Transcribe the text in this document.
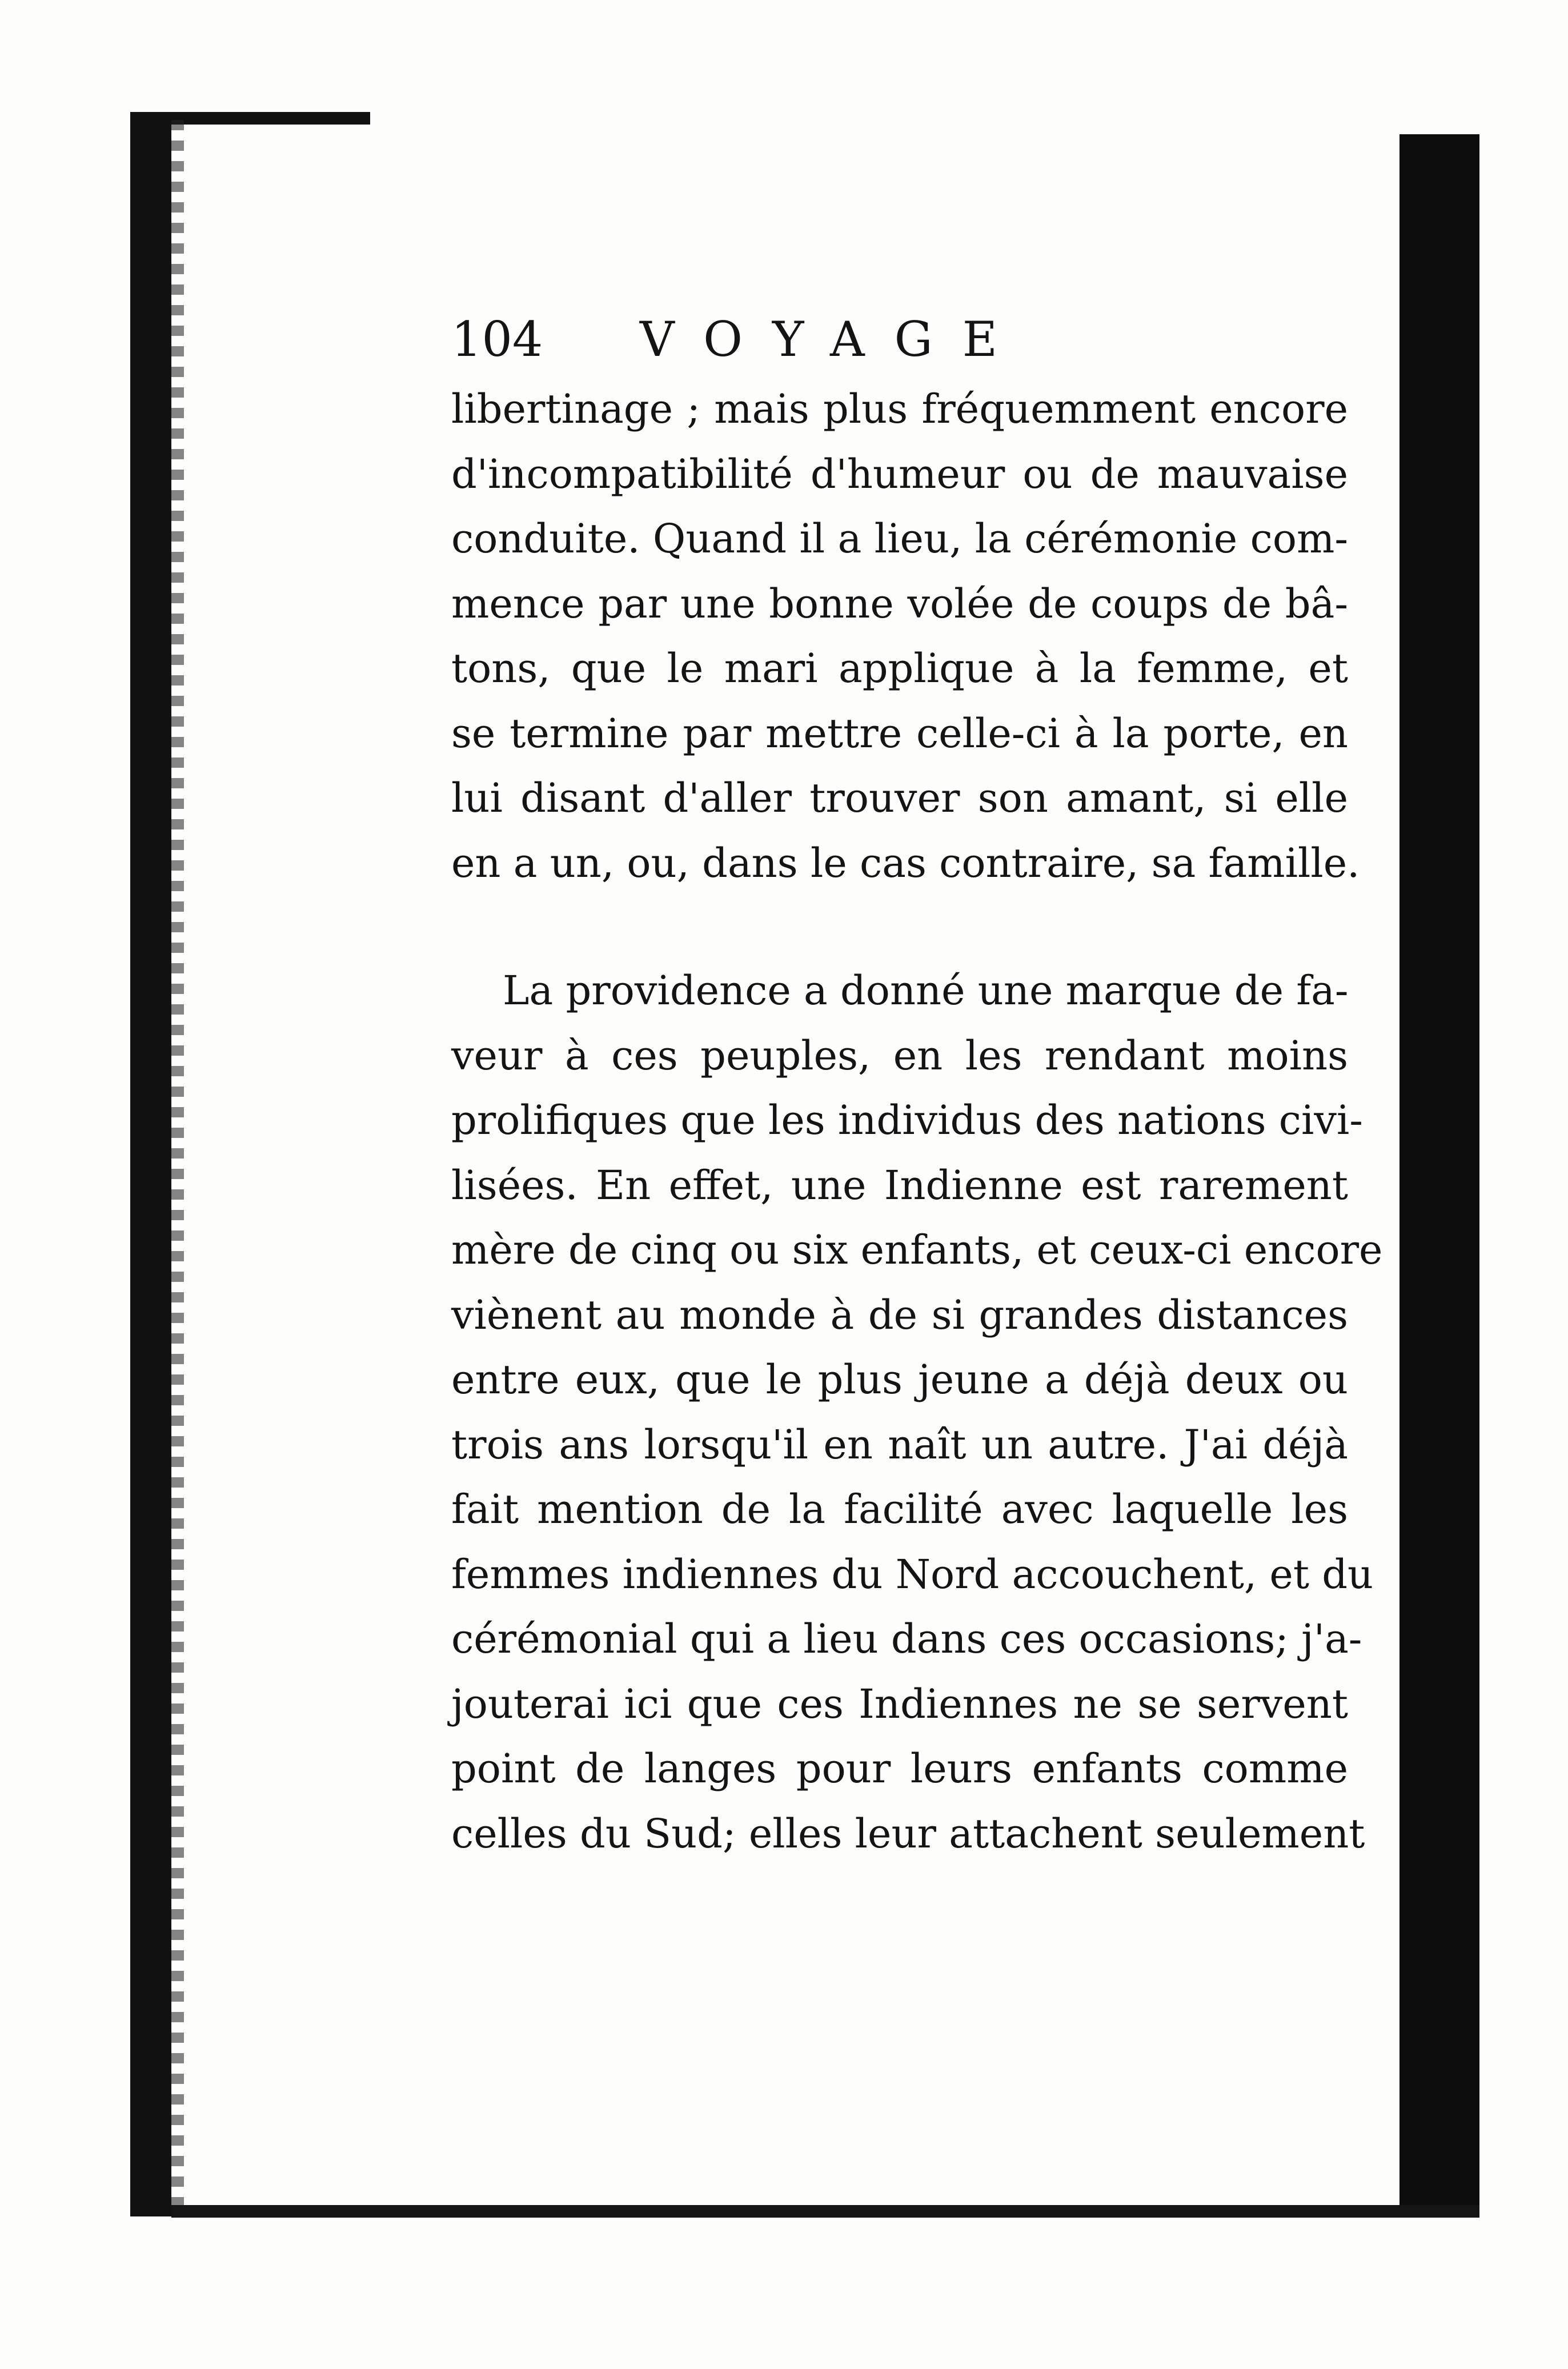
104	VOYAGE
libertinage ; mais plus fréquemment encore
d'incompatibilité d'humeur ou de mauvaise
conduite. Quand il a lieu, la cérémonie com-
mence par une bonne volée de coups de bâ-
tons, que le mari applique à la femme, et
se termine par mettre celle-ci à la porte, en
lui disant d'aller trouver son amant, si elle
en a un, ou, dans le cas contraire, sa famille.
La providence a donné une marque de fa-
veur à ces peuples, en les rendant moins
prolifiques que les individus des nations civi-
lisées. En effet, une Indienne est rarement
mère de cinq ou six enfants, et ceux-ci encore
viènent au monde à de si grandes distances
entre eux, que le plus jeune a déjà deux ou
trois ans lorsqu'il en naît un autre. J'ai déjà
fait mention de la facilité avec laquelle les
femmes indiennes du Nord accouchent, et du
cérémonial qui a lieu dans ces occasions; j'a-
jouterai ici que ces Indiennes ne se servent
point de langes pour leurs enfants comme
celles du Sud; elles leur attachent seulement
